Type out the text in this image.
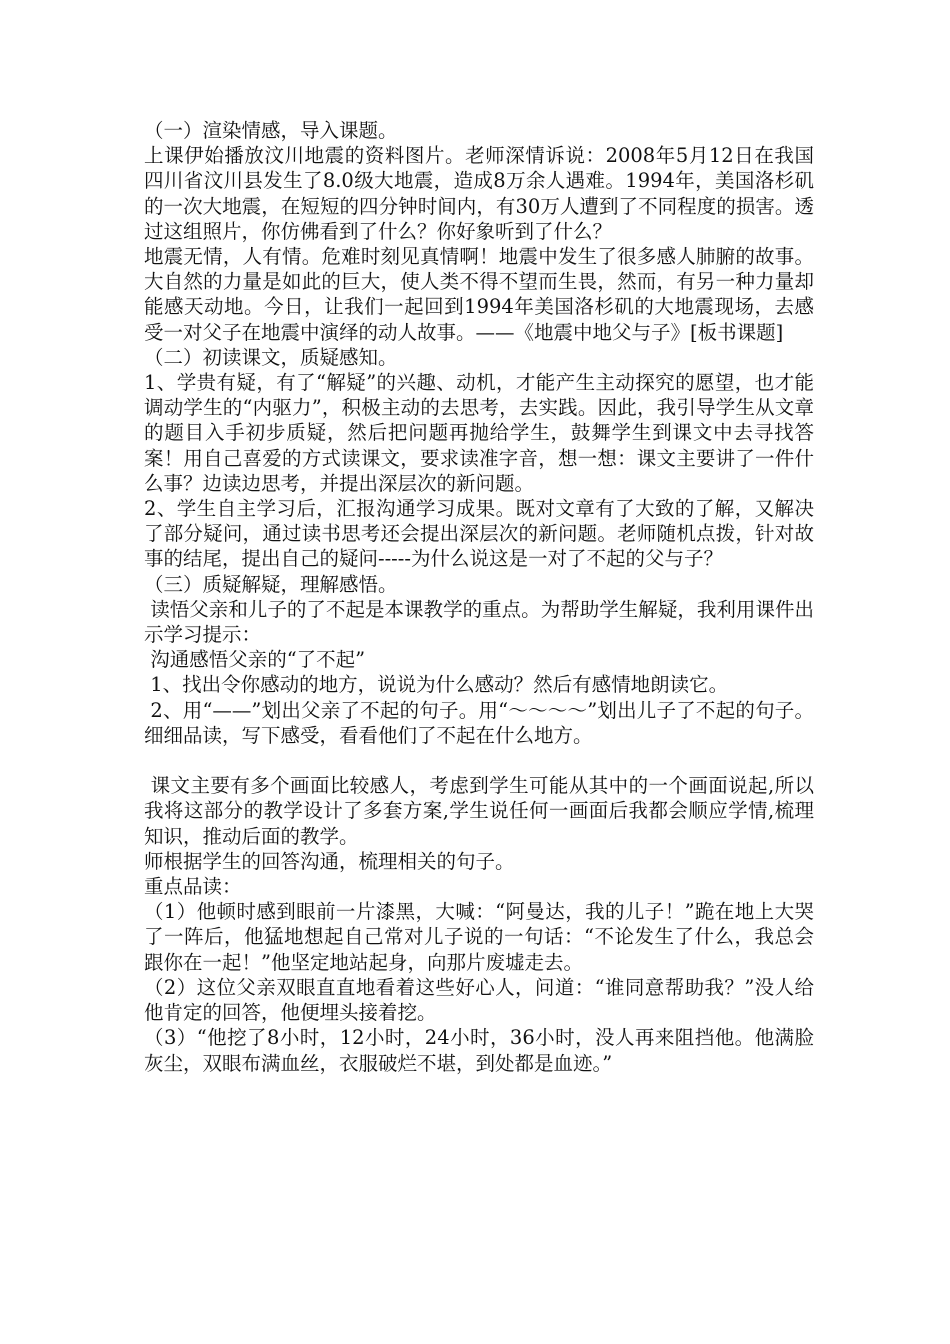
（一）渲染情感，导入课题。

上课伊始播放汶川地震的资料图片。老师深情诉说：2008年5月12日在我国四川省汶川县发生了8.0级大地震，造成8万余人遇难。1994年，美国洛杉矶的一次大地震，在短短的四分钟时间内，有30万人遭到了不同程度的损害。透过这组照片，你仿佛看到了什么？你好象听到了什么？

地震无情，人有情。危难时刻见真情啊！地震中发生了很多感人肺腑的故事。大自然的力量是如此的巨大，使人类不得不望而生畏，然而，有另一种力量却能感天动地。今日，让我们一起回到1994年美国洛杉矶的大地震现场，去感受一对父子在地震中演绎的动人故事。——《地震中地父与子》[板书课题]

（二）初读课文，质疑感知。

1、学贵有疑，有了“解疑”的兴趣、动机，才能产生主动探究的愿望，也才能调动学生的“内驱力”，积极主动的去思考，去实践。因此，我引导学生从文章的题目入手初步质疑，然后把问题再抛给学生，鼓舞学生到课文中去寻找答案！用自己喜爱的方式读课文，要求读准字音，想一想：课文主要讲了一件什么事？边读边思考，并提出深层次的新问题。

2、学生自主学习后，汇报沟通学习成果。既对文章有了大致的了解，又解决了部分疑问，通过读书思考还会提出深层次的新问题。老师随机点拨，针对故事的结尾，提出自己的疑问-----为什么说这是一对了不起的父与子？

（三）质疑解疑，理解感悟。

读悟父亲和儿子的了不起是本课教学的重点。为帮助学生解疑，我利用课件出示学习提示：

沟通感悟父亲的“了不起”

1、找出令你感动的地方，说说为什么感动？然后有感情地朗读它。

2、用“——”划出父亲了不起的句子。用“～～～～”划出儿子了不起的句子。细细品读，写下感受，看看他们了不起在什么地方。

课文主要有多个画面比较感人，考虑到学生可能从其中的一个画面说起,所以我将这部分的教学设计了多套方案,学生说任何一画面后我都会顺应学情,梳理知识，推动后面的教学。

师根据学生的回答沟通，梳理相关的句子。

重点品读：

（1）他顿时感到眼前一片漆黑，大喊：“阿曼达，我的儿子！”跪在地上大哭了一阵后，他猛地想起自己常对儿子说的一句话：“不论发生了什么，我总会跟你在一起！”他坚定地站起身，向那片废墟走去。

（2）这位父亲双眼直直地看着这些好心人，问道：“谁同意帮助我？”没人给他肯定的回答，他便埋头接着挖。

（3）“他挖了8小时，12小时，24小时，36小时，没人再来阻挡他。他满脸灰尘，双眼布满血丝，衣服破烂不堪，到处都是血迹。”
